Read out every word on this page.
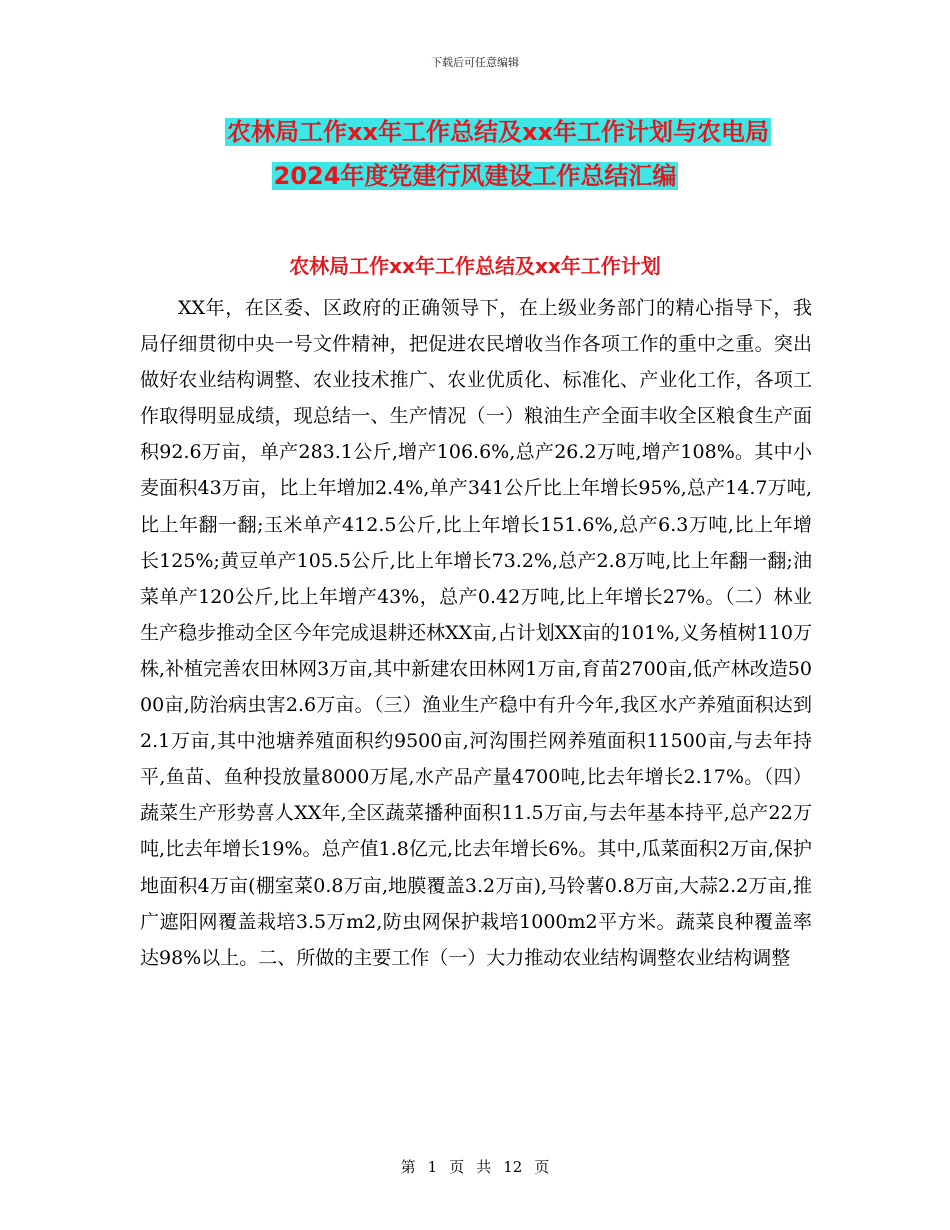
下载后可任意编辑
农林局工作xx年工作总结及xx年工作计划与农电局
2024年度党建行风建设工作总结汇编
农林局工作xx年工作总结及xx年工作计划
XX年，在区委、区政府的正确领导下，在上级业务部门的精心指导下，我局仔细贯彻中央一号文件精神，把促进农民增收当作各项工作的重中之重。突出做好农业结构调整、农业技术推广、农业优质化、标准化、产业化工作，各项工作取得明显成绩，现总结一、生产情况（一）粮油生产全面丰收全区粮食生产面积92.6万亩，单产283.1公斤,增产106.6%,总产26.2万吨,增产108%。其中小麦面积43万亩，比上年增加2.4%,单产341公斤比上年增长95%,总产14.7万吨,比上年翻一翻;玉米单产412.5公斤,比上年增长151.6%,总产6.3万吨,比上年增长125%;黄豆单产105.5公斤,比上年增长73.2%,总产2.8万吨,比上年翻一翻;油菜单产120公斤,比上年增产43%，总产0.42万吨,比上年增长27%。（二）林业生产稳步推动全区今年完成退耕还林XX亩,占计划XX亩的101%,义务植树110万株,补植完善农田林网3万亩,其中新建农田林网1万亩,育苗2700亩,低产林改造5000亩,防治病虫害2.6万亩。（三）渔业生产稳中有升今年,我区水产养殖面积达到2.1万亩,其中池塘养殖面积约9500亩,河沟围拦网养殖面积11500亩,与去年持平,鱼苗、鱼种投放量8000万尾,水产品产量4700吨,比去年增长2.17%。（四）蔬菜生产形势喜人XX年,全区蔬菜播种面积11.5万亩,与去年基本持平,总产22万吨,比去年增长19%。总产值1.8亿元,比去年增长6%。其中,瓜菜面积2万亩,保护地面积4万亩(棚室菜0.8万亩,地膜覆盖3.2万亩),马铃薯0.8万亩,大蒜2.2万亩,推广遮阳网覆盖栽培3.5万m2,防虫网保护栽培1000m2平方米。蔬菜良种覆盖率达98%以上。二、所做的主要工作（一）大力推动农业结构调整农业结构调整
第 1 页 共 12 页
